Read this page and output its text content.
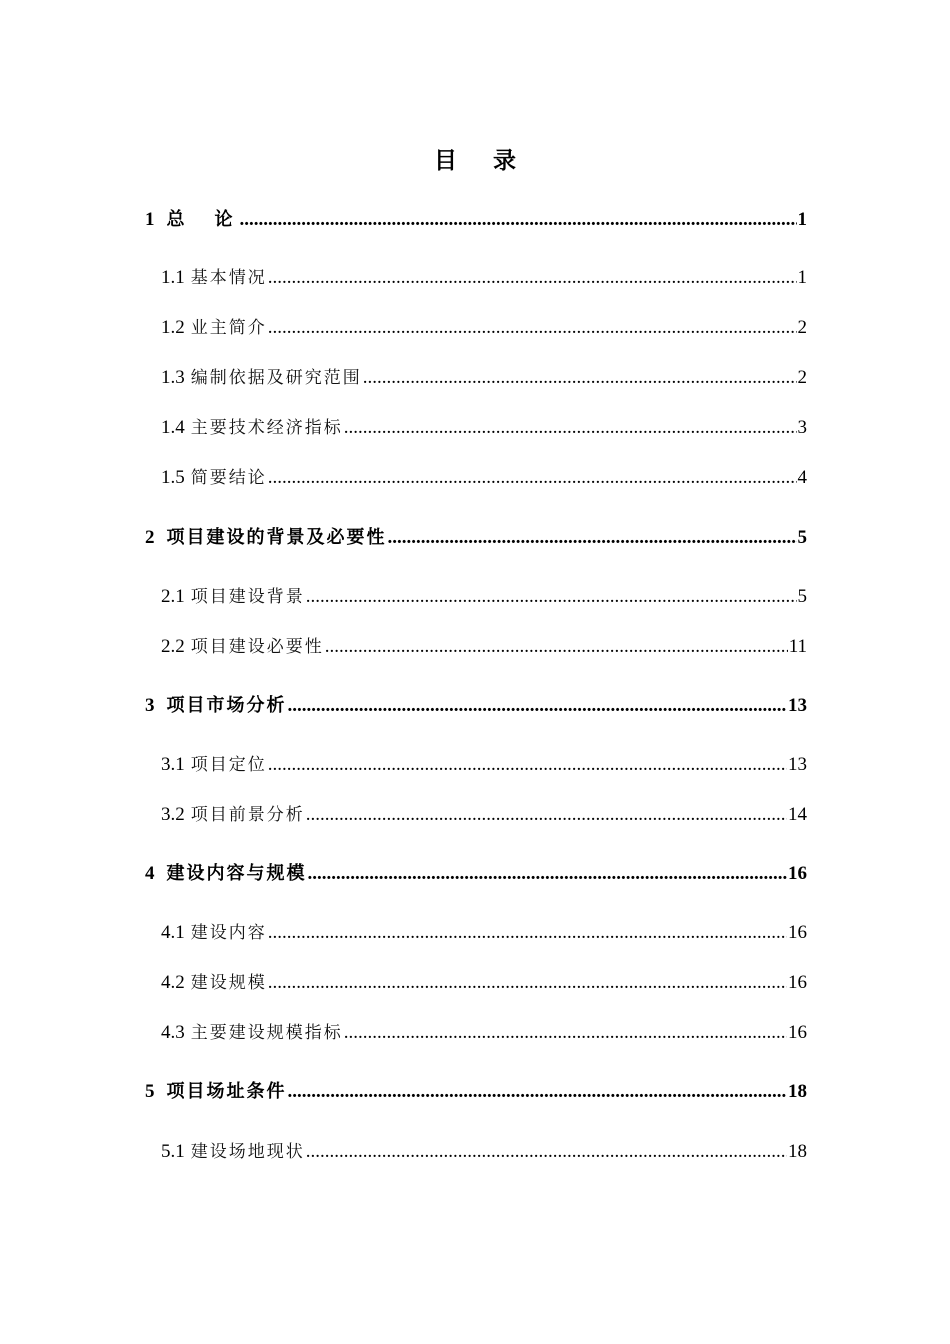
目 录
1 总　论 .....	1
1.1 基本情况 .....	1
1.2 业主简介 .....	2
1.3 编制依据及研究范围 .....	2
1.4 主要技术经济指标 .....	3
1.5 简要结论 .....	4
2 项目建设的背景及必要性 .....	5
2.1 项目建设背景 .....	5
2.2 项目建设必要性 .....	11
3 项目市场分析 .....	13
3.1 项目定位 .....	13
3.2 项目前景分析 .....	14
4 建设内容与规模 .....	16
4.1 建设内容 .....	16
4.2 建设规模 .....	16
4.3 主要建设规模指标 .....	16
5 项目场址条件 .....	18
5.1 建设场地现状 .....	18
